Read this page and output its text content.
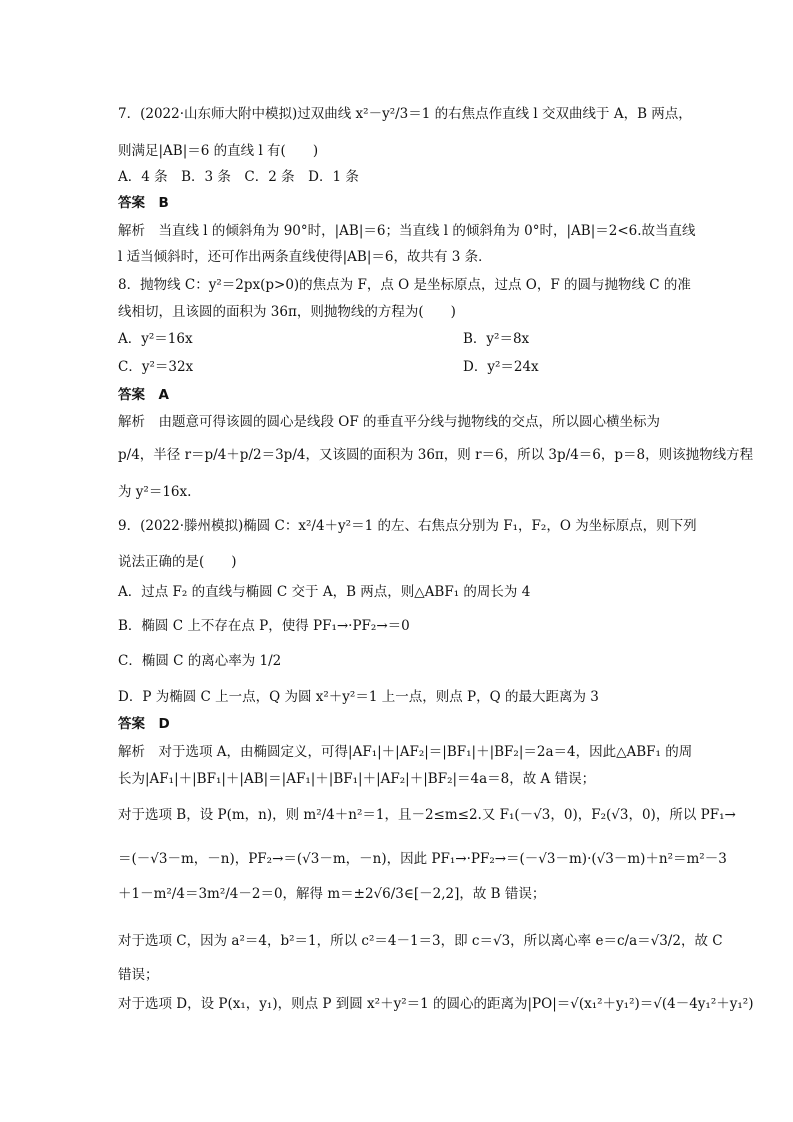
7．(2022·山东师大附中模拟)过双曲线 x²－y²/3＝1 的右焦点作直线 l 交双曲线于 A，B 两点，
则满足|AB|＝6 的直线 l 有(　　)
A．4 条　B．3 条　C．2 条　D．1 条
答案　B
解析　当直线 l 的倾斜角为 90°时，|AB|＝6；当直线 l 的倾斜角为 0°时，|AB|＝2<6.故当直线
l 适当倾斜时，还可作出两条直线使得|AB|＝6，故共有 3 条．
8．抛物线 C：y²＝2px(p>0)的焦点为 F，点 O 是坐标原点，过点 O，F 的圆与抛物线 C 的准
线相切，且该圆的面积为 36π，则抛物线的方程为(　　)
A．y²＝16x	B．y²＝8x
C．y²＝32x	D．y²＝24x
答案　A
解析　由题意可得该圆的圆心是线段 OF 的垂直平分线与抛物线的交点，所以圆心横坐标为
p/4，半径 r＝p/4＋p/2＝3p/4，又该圆的面积为 36π，则 r＝6，所以 3p/4＝6，p＝8，则该抛物线方程
为 y²＝16x.
9．(2022·滕州模拟)椭圆 C：x²/4＋y²＝1 的左、右焦点分别为 F₁，F₂，O 为坐标原点，则下列
说法正确的是(　　)
A．过点 F₂ 的直线与椭圆 C 交于 A，B 两点，则△ABF₁ 的周长为 4
B．椭圆 C 上不存在点 P，使得 PF₁→·PF₂→＝0
C．椭圆 C 的离心率为 1/2
D．P 为椭圆 C 上一点，Q 为圆 x²＋y²＝1 上一点，则点 P，Q 的最大距离为 3
答案　D
解析　对于选项 A，由椭圆定义，可得|AF₁|＋|AF₂|＝|BF₁|＋|BF₂|＝2a＝4，因此△ABF₁ 的周
长为|AF₁|＋|BF₁|＋|AB|＝|AF₁|＋|BF₁|＋|AF₂|＋|BF₂|＝4a＝8，故 A 错误；
对于选项 B，设 P(m，n)，则 m²/4＋n²＝1，且－2≤m≤2.又 F₁(－√3，0)，F₂(√3，0)，所以 PF₁→
＝(－√3－m，－n)，PF₂→＝(√3－m，－n)，因此 PF₁→·PF₂→＝(－√3－m)·(√3－m)＋n²＝m²－3
＋1－m²/4＝3m²/4－2＝0，解得 m＝±2√6/3∈[－2,2]，故 B 错误；
对于选项 C，因为 a²＝4，b²＝1，所以 c²＝4－1＝3，即 c＝√3，所以离心率 e＝c/a＝√3/2，故 C
错误；
对于选项 D，设 P(x₁，y₁)，则点 P 到圆 x²＋y²＝1 的圆心的距离为|PO|＝√(x₁²＋y₁²)＝√(4－4y₁²＋y₁²)
